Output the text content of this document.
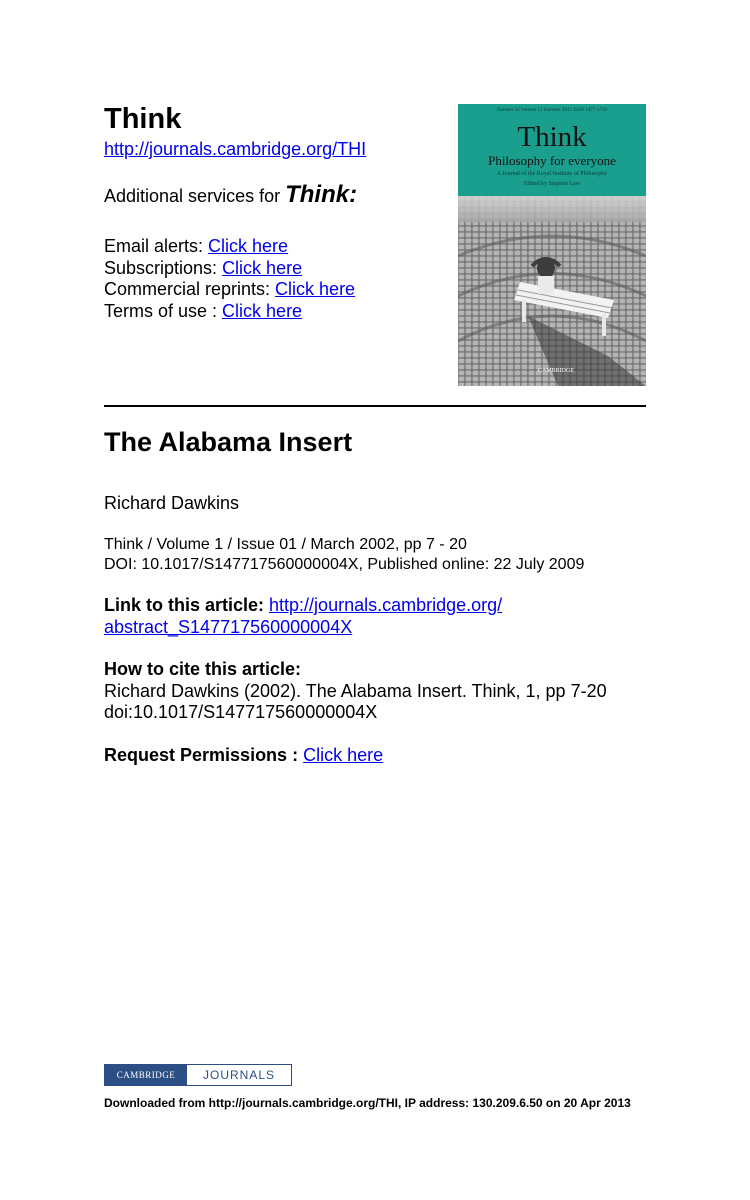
Think
http://journals.cambridge.org/THI
Additional services for Think:
Email alerts: Click here
Subscriptions: Click here
Commercial reprints: Click here
Terms of use : Click here
Number 34 Volume 12 Summer 2013 ISSN 1477-1756
Think
Philosophy for everyone
A Journal of the Royal Institute of Philosophy
Edited by Stephen Law
CAMBRIDGE
The Alabama Insert
Richard Dawkins
Think / Volume 1 / Issue 01 / March 2002, pp 7 - 20
DOI: 10.1017/S147717560000004X, Published online: 22 July 2009
Link to this article: http://journals.cambridge.org/
abstract_S147717560000004X
How to cite this article:
Richard Dawkins (2002). The Alabama Insert. Think, 1, pp 7-20
doi:10.1017/S147717560000004X
Request Permissions : Click here
CAMBRIDGE	JOURNALS
Downloaded from http://journals.cambridge.org/THI, IP address: 130.209.6.50 on 20 Apr 2013
